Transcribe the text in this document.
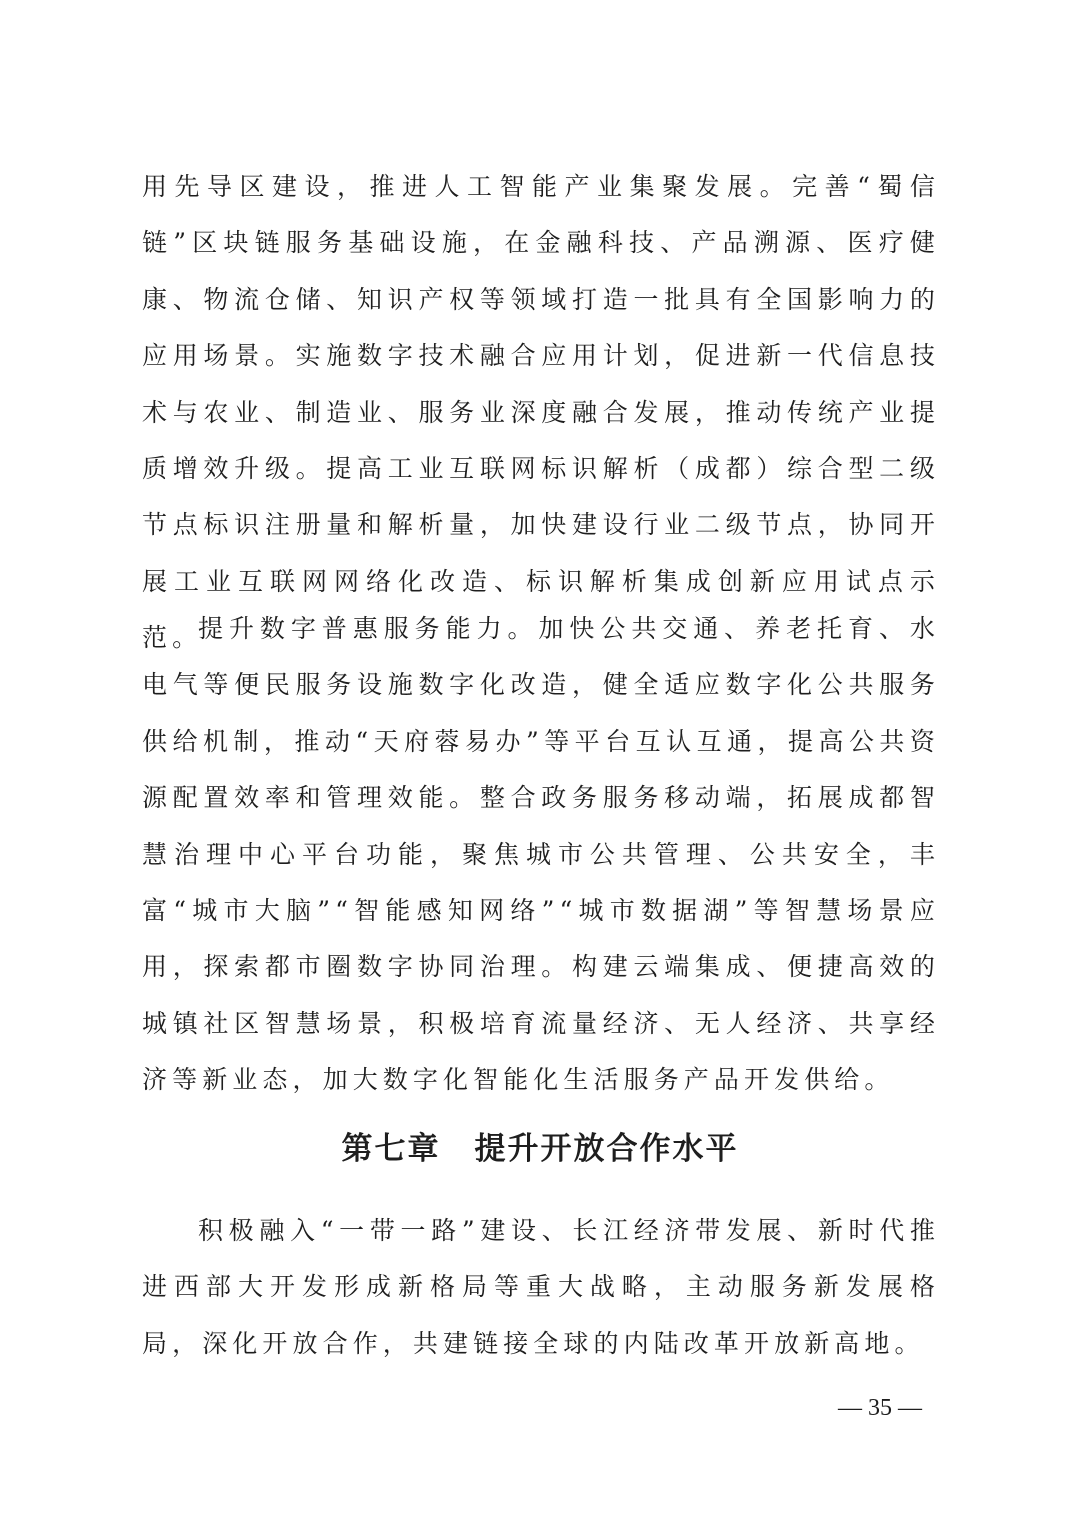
用先导区建设，推进人工智能产业集聚发展。完善“蜀信链”区块链服务基础设施，在金融科技、产品溯源、医疗健康、物流仓储、知识产权等领域打造一批具有全国影响力的应用场景。实施数字技术融合应用计划，促进新一代信息技术与农业、制造业、服务业深度融合发展，推动传统产业提质增效升级。提高工业互联网标识解析（成都）综合型二级节点标识注册量和解析量，加快建设行业二级节点，协同开展工业互联网网络化改造、标识解析集成创新应用试点示范。

提升数字普惠服务能力。加快公共交通、养老托育、水电气等便民服务设施数字化改造，健全适应数字化公共服务供给机制，推动“天府蓉易办”等平台互认互通，提高公共资源配置效率和管理效能。整合政务服务移动端，拓展成都智慧治理中心平台功能，聚焦城市公共管理、公共安全，丰富“城市大脑”“智能感知网络”“城市数据湖”等智慧场景应用，探索都市圈数字协同治理。构建云端集成、便捷高效的城镇社区智慧场景，积极培育流量经济、无人经济、共享经济等新业态，加大数字化智能化生活服务产品开发供给。

第七章 提升开放合作水平

积极融入“一带一路”建设、长江经济带发展、新时代推进西部大开发形成新格局等重大战略，主动服务新发展格局，深化开放合作，共建链接全球的内陆改革开放新高地。

— 35 —
